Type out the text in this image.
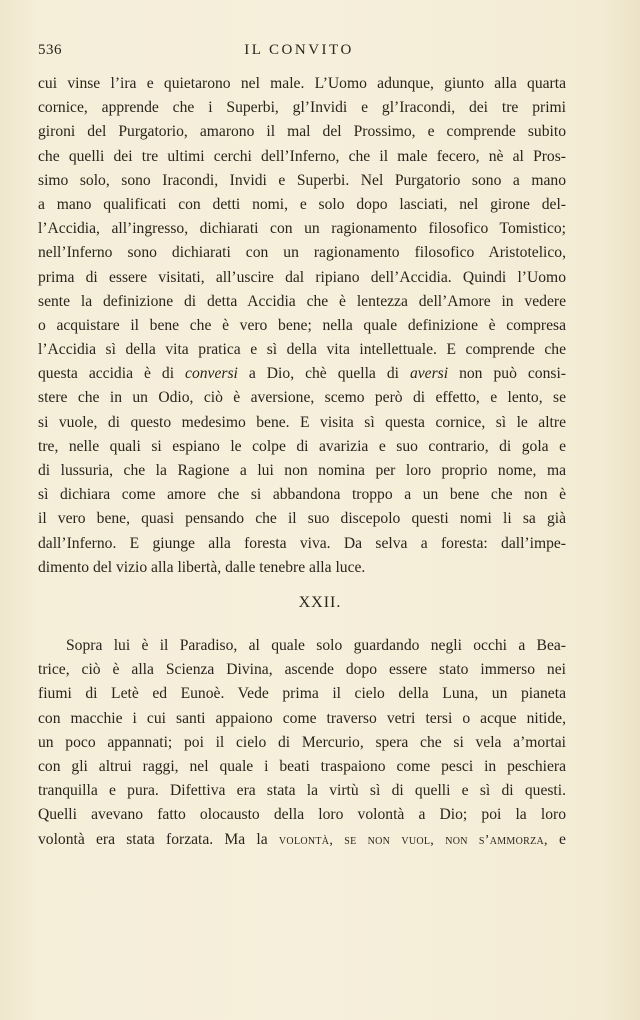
536	IL CONVITO
cui vinse l’ira e quietarono nel male. L’Uomo adunque, giunto alla quarta
cornice, apprende che i Superbi, gl’Invidi e gl’Iracondi, dei tre primi
gironi del Purgatorio, amarono il mal del Prossimo, e comprende subito
che quelli dei tre ultimi cerchi dell’Inferno, che il male fecero, nè al Pros-
simo solo, sono Iracondi, Invidi e Superbi. Nel Purgatorio sono a mano
a mano qualificati con detti nomi, e solo dopo lasciati, nel girone del-
l’Accidia, all’ingresso, dichiarati con un ragionamento filosofico Tomistico;
nell’Inferno sono dichiarati con un ragionamento filosofico Aristotelico,
prima di essere visitati, all’uscire dal ripiano dell’Accidia. Quindi l’Uomo
sente la definizione di detta Accidia che è lentezza dell’Amore in vedere
o acquistare il bene che è vero bene; nella quale definizione è compresa
l’Accidia sì della vita pratica e sì della vita intellettuale. E comprende che
questa accidia è di conversi a Dio, chè quella di aversi non può consi-
stere che in un Odio, ciò è aversione, scemo però di effetto, e lento, se
si vuole, di questo medesimo bene. E visita sì questa cornice, sì le altre
tre, nelle quali si espiano le colpe di avarizia e suo contrario, di gola e
di lussuria, che la Ragione a lui non nomina per loro proprio nome, ma
sì dichiara come amore che si abbandona troppo a un bene che non è
il vero bene, quasi pensando che il suo discepolo questi nomi li sa già
dall’Inferno. E giunge alla foresta viva. Da selva a foresta: dall’impe-
dimento del vizio alla libertà, dalle tenebre alla luce.
XXII.
Sopra lui è il Paradiso, al quale solo guardando negli occhi a Bea-
trice, ciò è alla Scienza Divina, ascende dopo essere stato immerso nei
fiumi di Letè ed Eunoè. Vede prima il cielo della Luna, un pianeta
con macchie i cui santi appaiono come traverso vetri tersi o acque nitide,
un poco appannati; poi il cielo di Mercurio, spera che si vela a’mortai
con gli altrui raggi, nel quale i beati traspaiono come pesci in peschiera
tranquilla e pura. Difettiva era stata la virtù sì di quelli e sì di questi.
Quelli avevano fatto olocausto della loro volontà a Dio; poi la loro
volontà era stata forzata. Ma la volontà, se non vuol, non s’ammorza, e
